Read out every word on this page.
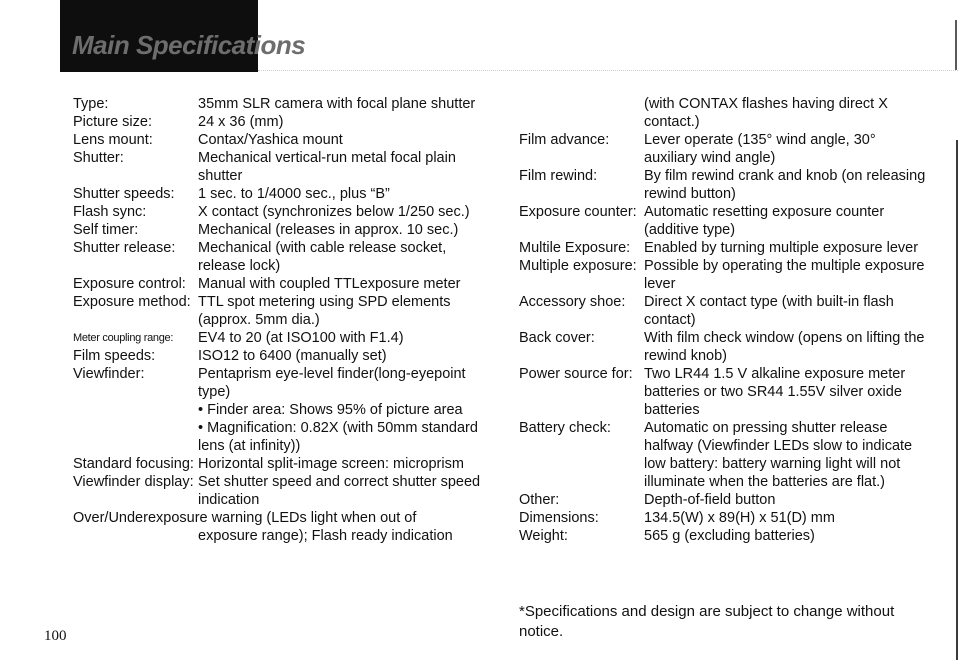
Main Specifications
Type:	35mm SLR camera with focal plane shutter
Picture size:	24 x 36 (mm)
Lens mount:	Contax/Yashica mount
Shutter:	Mechanical vertical-run metal focal plain shutter
Shutter speeds:	1 sec. to 1/4000 sec., plus “B”
Flash sync:	X contact (synchronizes below 1/250 sec.)
Self timer:	Mechanical (releases in approx. 10 sec.)
Shutter release:	Mechanical (with cable release socket, release lock)
Exposure control: Manual with coupled TTLexposure meter
Exposure method: TTL spot metering using SPD elements (approx. 5mm dia.)
Meter coupling range:	EV4 to 20 (at ISO100 with F1.4)
Film speeds:	ISO12 to 6400 (manually set)
Viewfinder:	Pentaprism eye-level finder(long-eyepoint type)
• Finder area: Shows 95% of picture area
• Magnification: 0.82X (with 50mm standard lens (at infinity))
Standard focusing: Horizontal split-image screen: microprism
Viewfinder display: Set shutter speed and correct shutter speed indication
Over/Underexposure warning (LEDs light when out of
exposure range); Flash ready indication
(with CONTAX flashes having direct X contact.)
Film advance:	Lever operate (135° wind angle, 30° auxiliary wind angle)
Film rewind:	By film rewind crank and knob (on releasing rewind button)
Exposure counter: Automatic resetting exposure counter (additive type)
Multile Exposure: Enabled by turning multiple exposure lever
Multiple exposure: Possible by operating the multiple exposure lever
Accessory shoe:	Direct X contact type (with built-in flash contact)
Back cover:	With film check window (opens on lifting the rewind knob)
Power source for: Two LR44 1.5 V alkaline exposure meter batteries or two SR44 1.55V silver oxide batteries
Battery check:	Automatic on pressing shutter release halfway (Viewfinder LEDs slow to indicate low battery: battery warning light will not illuminate when the batteries are flat.)
Other:	Depth-of-field button
Dimensions:	134.5(W) x 89(H) x 51(D) mm
Weight:	565 g (excluding batteries)
*Specifications and design are subject to change without notice.
100
